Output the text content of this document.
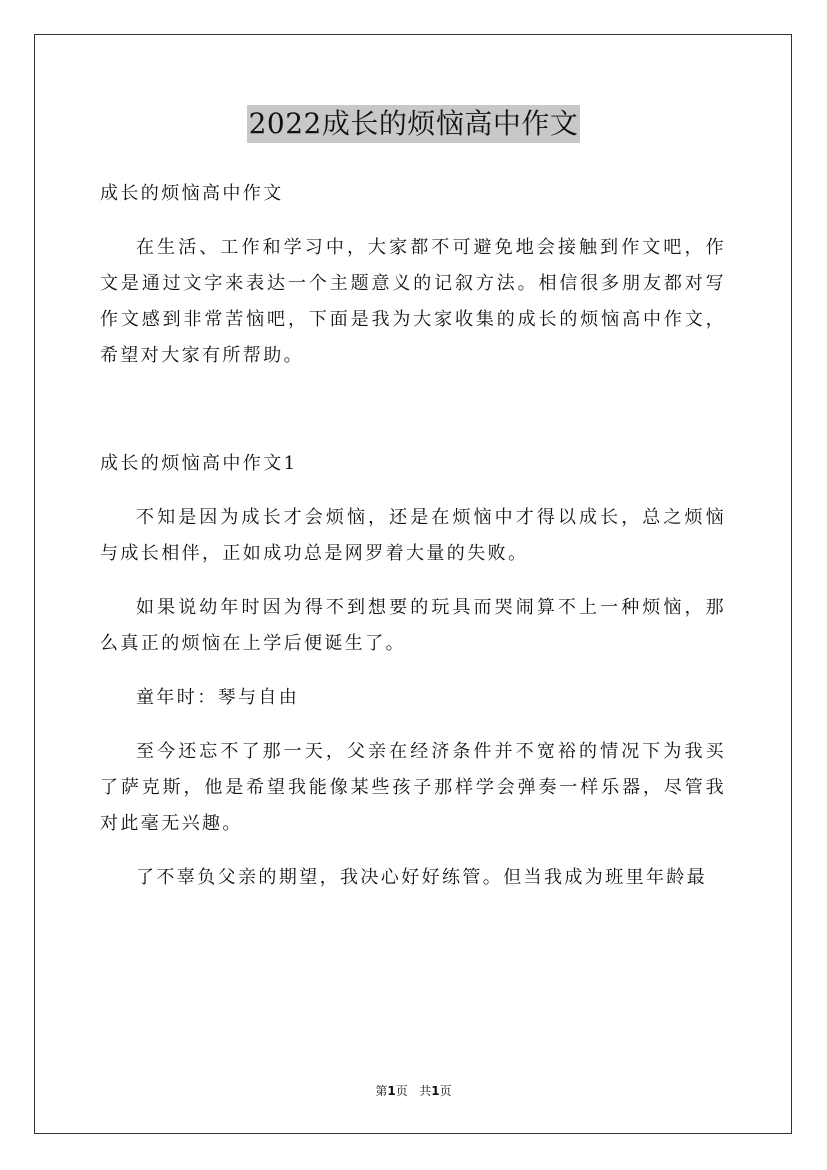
2022成长的烦恼高中作文

成长的烦恼高中作文

在生活、工作和学习中，大家都不可避免地会接触到作文吧，作文是通过文字来表达一个主题意义的记叙方法。相信很多朋友都对写作文感到非常苦恼吧，下面是我为大家收集的成长的烦恼高中作文，希望对大家有所帮助。

成长的烦恼高中作文1

不知是因为成长才会烦恼，还是在烦恼中才得以成长，总之烦恼与成长相伴，正如成功总是网罗着大量的失败。

如果说幼年时因为得不到想要的玩具而哭闹算不上一种烦恼，那么真正的烦恼在上学后便诞生了。

童年时：琴与自由

至今还忘不了那一天，父亲在经济条件并不宽裕的情况下为我买了萨克斯，他是希望我能像某些孩子那样学会弹奏一样乐器，尽管我对此毫无兴趣。

了不辜负父亲的期望，我决心好好练管。但当我成为班里年龄最

第1页 共1页
